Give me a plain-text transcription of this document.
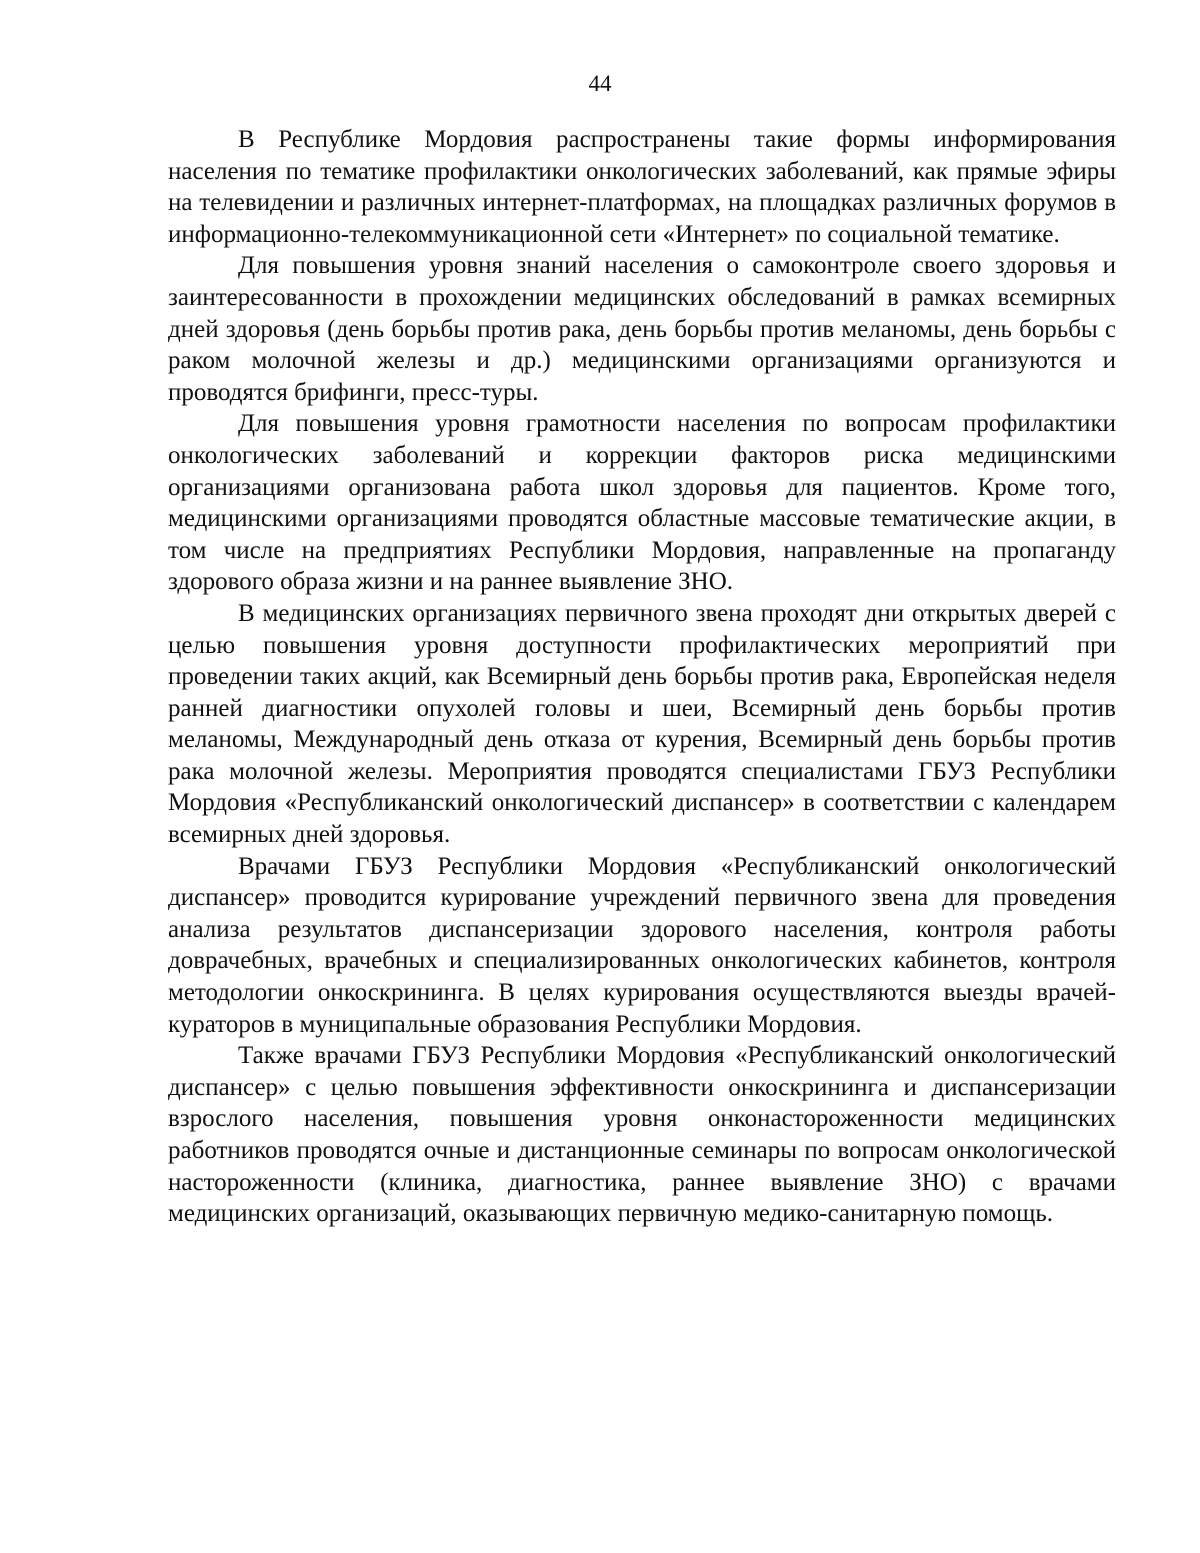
44

В Республике Мордовия распространены такие формы информирования населения по тематике профилактики онкологических заболеваний, как прямые эфиры на телевидении и различных интернет-платформах, на площадках различных форумов в информационно-телекоммуникационной сети «Интернет» по социальной тематике.

Для повышения уровня знаний населения о самоконтроле своего здоровья и заинтересованности в прохождении медицинских обследований в рамках всемирных дней здоровья (день борьбы против рака, день борьбы против меланомы, день борьбы с раком молочной железы и др.) медицинскими организациями организуются и проводятся брифинги, пресс-туры.

Для повышения уровня грамотности населения по вопросам профилактики онкологических заболеваний и коррекции факторов риска медицинскими организациями организована работа школ здоровья для пациентов. Кроме того, медицинскими организациями проводятся областные массовые тематические акции, в том числе на предприятиях Республики Мордовия, направленные на пропаганду здорового образа жизни и на раннее выявление ЗНО.

В медицинских организациях первичного звена проходят дни открытых дверей с целью повышения уровня доступности профилактических мероприятий при проведении таких акций, как Всемирный день борьбы против рака, Европейская неделя ранней диагностики опухолей головы и шеи, Всемирный день борьбы против меланомы, Международный день отказа от курения, Всемирный день борьбы против рака молочной железы. Мероприятия проводятся специалистами ГБУЗ Республики Мордовия «Республиканский онкологический диспансер» в соответствии с календарем всемирных дней здоровья.

Врачами ГБУЗ Республики Мордовия «Республиканский онкологический диспансер» проводится курирование учреждений первичного звена для проведения анализа результатов диспансеризации здорового населения, контроля работы доврачебных, врачебных и специализированных онкологических кабинетов, контроля методологии онкоскрининга. В целях курирования осуществляются выезды врачей-кураторов в муниципальные образования Республики Мордовия.

Также врачами ГБУЗ Республики Мордовия «Республиканский онкологический диспансер» с целью повышения эффективности онкоскрининга и диспансеризации взрослого населения, повышения уровня онконастороженности медицинских работников проводятся очные и дистанционные семинары по вопросам онкологической настороженности (клиника, диагностика, раннее выявление ЗНО) с врачами медицинских организаций, оказывающих первичную медико-санитарную помощь.
